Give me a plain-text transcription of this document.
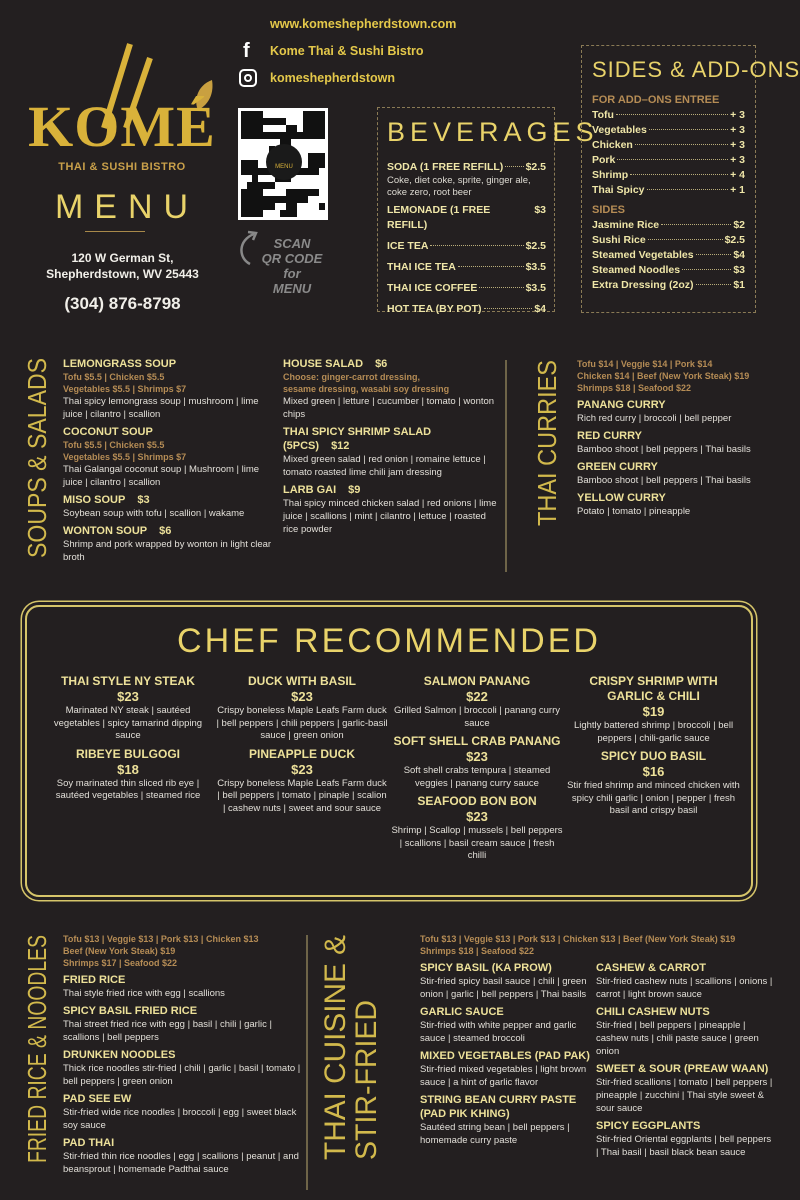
KOMÉ
THAI & SUSHI BISTRO
MENU
120 W German St,
Shepherdstown, WV 25443
(304) 876-8798
www.komeshepherdstown.com
f Kome Thai & Sushi Bistro
komeshepherdstown
MENU
SCAN
QR CODE for
MENU
BEVERAGES
SODA (1 FREE REFILL) $2.5
Coke, diet coke, sprite, ginger ale, coke zero, root beer
LEMONADE (1 FREE REFILL)
$3
ICE TEA	$2.5
THAI ICE TEA	$3.5
THAI ICE COFFEE	$3.5
HOT TEA (BY POT)	$4
SIDES & ADD-ONS
FOR ADD–ONS ENTREE
Tofu	+ 3
Vegetables	+ 3
Chicken	+ 3
Pork	+ 3
Shrimp	+ 4
Thai Spicy	+ 1
SIDES
Jasmine Rice	$2
Sushi Rice	$2.5
Steamed Vegetables	$4
Steamed Noodles	$3
Extra Dressing (2oz)	$1
SOUPS & SALADS LEMONGRASS SOUP
Tofu $5.5 | Chicken $5.5
Vegetables $5.5 | Shrimps $7
Thai spicy lemongrass soup | mushroom | lime juice | cilantro | scallion
COCONUT SOUP
Tofu $5.5 | Chicken $5.5
Vegetables $5.5 | Shrimps $7
Thai Galangal coconut soup | Mushroom | lime juice | cilantro | scallion
MISO SOUP $3
Soybean soup with tofu | scallion | wakame
WONTON SOUP $6
Shrimp and pork wrapped by wonton in light clear broth
HOUSE SALAD $6
Choose: ginger-carrot dressing,
sesame dressing, wasabi soy dressing
Mixed green | letture | cucumber | tomato | wonton chips
THAI SPICY SHRIMP SALAD (5PCS) $12
Mixed green salad | red onion | romaine lettuce | tomato roasted lime chili jam dressing
LARB GAI $9
Thai spicy minced chicken salad | red onions | lime juice | scallions | mint | cilantro | lettuce | roasted rice powder
THAI CURRIES Tofu $14 | Veggie $14 | Pork $14
Chicken $14 | Beef (New York Steak) $19
Shrimps $18 | Seafood $22
PANANG CURRY
Rich red curry | broccoli | bell pepper
RED CURRY
Bamboo shoot | bell peppers | Thai basils
GREEN CURRY
Bamboo shoot | bell peppers | Thai basils
YELLOW CURRY
Potato | tomato | pineapple
CHEF RECOMMENDED
THAI STYLE NY STEAK
$23
Marinated NY steak | sautéed vegetables | spicy tamarind dipping sauce
RIBEYE BULGOGI
$18
Soy marinated thin sliced rib eye | sautéed vegetables | steamed rice
DUCK WITH BASIL
$23
Crispy boneless Maple Leafs Farm duck | bell peppers | chili peppers | garlic-basil sauce | green onion
PINEAPPLE DUCK
$23
Crispy boneless Maple Leafs Farm duck | bell peppers | tomato | pinaple | scalion | cashew nuts | sweet and sour sauce
SALMON PANANG
$22
Grilled Salmon | broccoli | panang curry sauce
SOFT SHELL CRAB PANANG
$23
Soft shell crabs tempura | steamed veggies | panang curry sauce
SEAFOOD BON BON
$23
Shrimp | Scallop | mussels | bell peppers | scallions | basil cream sauce | fresh chilli
CRISPY SHRIMP WITH GARLIC & CHILI
$19
Lightly battered shrimp | broccoli | bell peppers | chili-garlic sauce
SPICY DUO BASIL
$16
Stir fried shrimp and minced chicken with spicy chili garlic | onion | pepper | fresh basil and crispy basil
FRIED RICE & NOODLES Tofu $13 | Veggie $13 | Pork $13 | Chicken $13
Beef (New York Steak) $19
Shrimps $17 | Seafood $22
FRIED RICE
Thai style fried rice with egg | scallions
SPICY BASIL FRIED RICE
Thai street fried rice with egg | basil | chili | garlic | scallions | bell peppers
DRUNKEN NOODLES
Thick rice noodles stir-fried | chili | garlic | basil | tomato | bell peppers | green onion
PAD SEE EW
Stir-fried wide rice noodles | broccoli | egg | sweet black soy sauce
PAD THAI
Stir-fried thin rice noodles | egg | scallions | peanut | and beansprout | homemade Padthai sauce
THAI CUISINE &
STIR-FRIED
Tofu $13 | Veggie $13 | Pork $13 | Chicken $13 | Beef (New York Steak) $19
Shrimps $18 | Seafood $22
SPICY BASIL (KA PROW)
Stir-fried spicy basil sauce | chili | green onion | garlic | bell peppers | Thai basils
GARLIC SAUCE
Stir-fried with white pepper and garlic sauce | steamed broccoli
MIXED VEGETABLES (PAD PAK)
Stir-fried mixed vegetables | light brown sauce | a hint of garlic flavor
STRING BEAN CURRY PASTE (PAD PIK KHING)
Sautéed string bean | bell peppers | homemade curry paste
CASHEW & CARROT
Stir-fried cashew nuts | scallions | onions | carrot | light brown sauce
CHILI CASHEW NUTS
Stir-fried | bell peppers | pineapple | cashew nuts | chili paste sauce | green onion
SWEET & SOUR (PREAW WAAN)
Stir-fried scallions | tomato | bell peppers | pineapple | zucchini | Thai style sweet & sour sauce
SPICY EGGPLANTS
Stir-fried Oriental eggplants | bell peppers | Thai basil | basil black bean sauce
